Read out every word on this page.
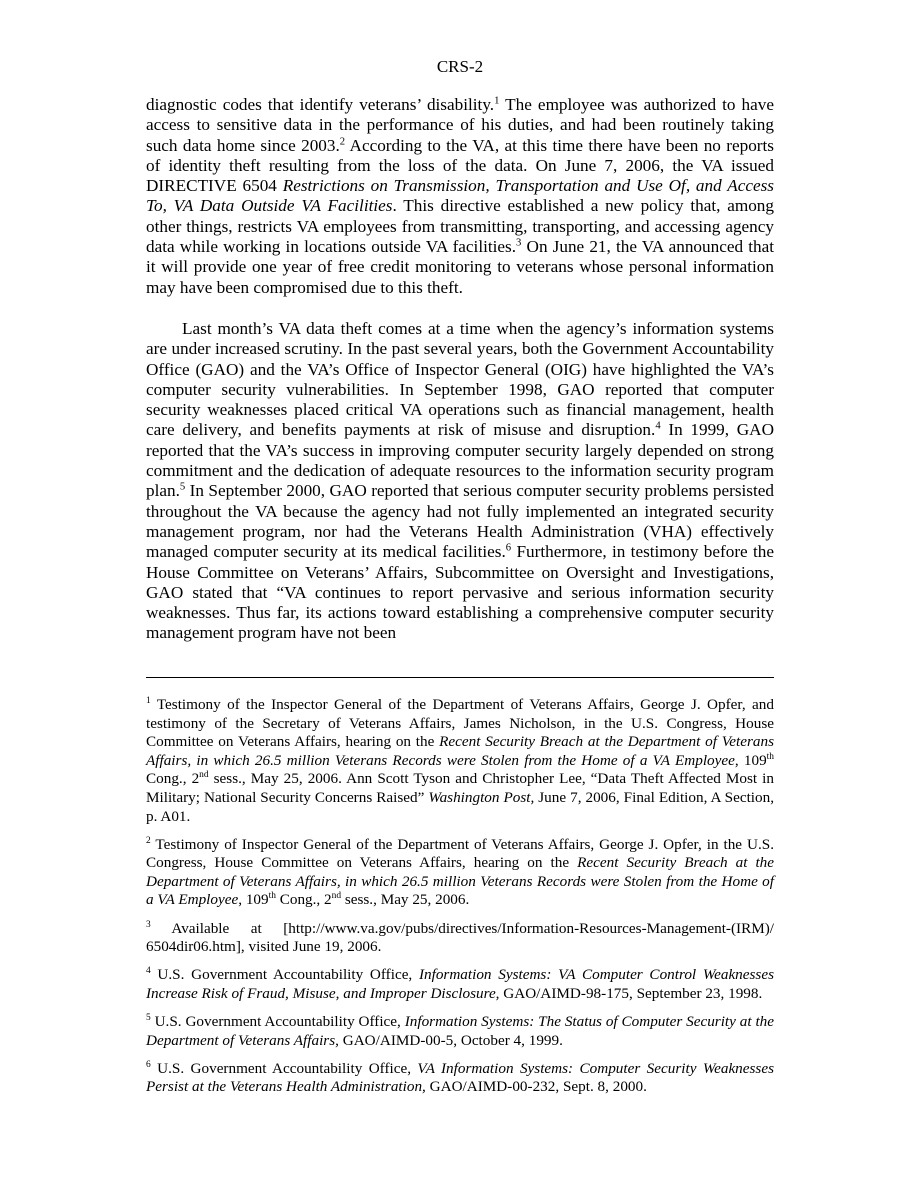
CRS-2

diagnostic codes that identify veterans’ disability.$^1$ The employee was authorized to have access to sensitive data in the performance of his duties, and had been routinely taking such data home since 2003.$^2$ According to the VA, at this time there have been no reports of identity theft resulting from the loss of the data. On June 7, 2006, the VA issued DIRECTIVE 6504 Restrictions on Transmission, Transportation and Use Of, and Access To, VA Data Outside VA Facilities. This directive established a new policy that, among other things, restricts VA employees from transmitting, transporting, and accessing agency data while working in locations outside VA facilities.$^3$ On June 21, the VA announced that it will provide one year of free credit monitoring to veterans whose personal information may have been compromised due to this theft.

Last month’s VA data theft comes at a time when the agency’s information systems are under increased scrutiny. In the past several years, both the Government Accountability Office (GAO) and the VA’s Office of Inspector General (OIG) have highlighted the VA’s computer security vulnerabilities. In September 1998, GAO reported that computer security weaknesses placed critical VA operations such as financial management, health care delivery, and benefits payments at risk of misuse and disruption.$^4$ In 1999, GAO reported that the VA’s success in improving computer security largely depended on strong commitment and the dedication of adequate resources to the information security program plan.$^5$ In September 2000, GAO reported that serious computer security problems persisted throughout the VA because the agency had not fully implemented an integrated security management program, nor had the Veterans Health Administration (VHA) effectively managed computer security at its medical facilities.$^6$ Furthermore, in testimony before the House Committee on Veterans’ Affairs, Subcommittee on Oversight and Investigations, GAO stated that “VA continues to report pervasive and serious information security weaknesses. Thus far, its actions toward establishing a comprehensive computer security management program have not been

$^1$ Testimony of the Inspector General of the Department of Veterans Affairs, George J. Opfer, and testimony of the Secretary of Veterans Affairs, James Nicholson, in the U.S. Congress, House Committee on Veterans Affairs, hearing on the Recent Security Breach at the Department of Veterans Affairs, in which 26.5 million Veterans Records were Stolen from the Home of a VA Employee, 109th Cong., 2nd sess., May 25, 2006. Ann Scott Tyson and Christopher Lee, “Data Theft Affected Most in Military; National Security Concerns Raised” Washington Post, June 7, 2006, Final Edition, A Section, p. A01.

$^2$ Testimony of Inspector General of the Department of Veterans Affairs, George J. Opfer, in the U.S. Congress, House Committee on Veterans Affairs, hearing on the Recent Security Breach at the Department of Veterans Affairs, in which 26.5 million Veterans Records were Stolen from the Home of a VA Employee, 109th Cong., 2nd sess., May 25, 2006.

$^3$ Available at [http://www.va.gov/pubs/directives/Information-Resources-Management-(IRM)/ 6504dir06.htm], visited June 19, 2006.

$^4$ U.S. Government Accountability Office, Information Systems: VA Computer Control Weaknesses Increase Risk of Fraud, Misuse, and Improper Disclosure, GAO/AIMD-98-175, September 23, 1998.

$^5$ U.S. Government Accountability Office, Information Systems: The Status of Computer Security at the Department of Veterans Affairs, GAO/AIMD-00-5, October 4, 1999.

$^6$ U.S. Government Accountability Office, VA Information Systems: Computer Security Weaknesses Persist at the Veterans Health Administration, GAO/AIMD-00-232, Sept. 8, 2000.
